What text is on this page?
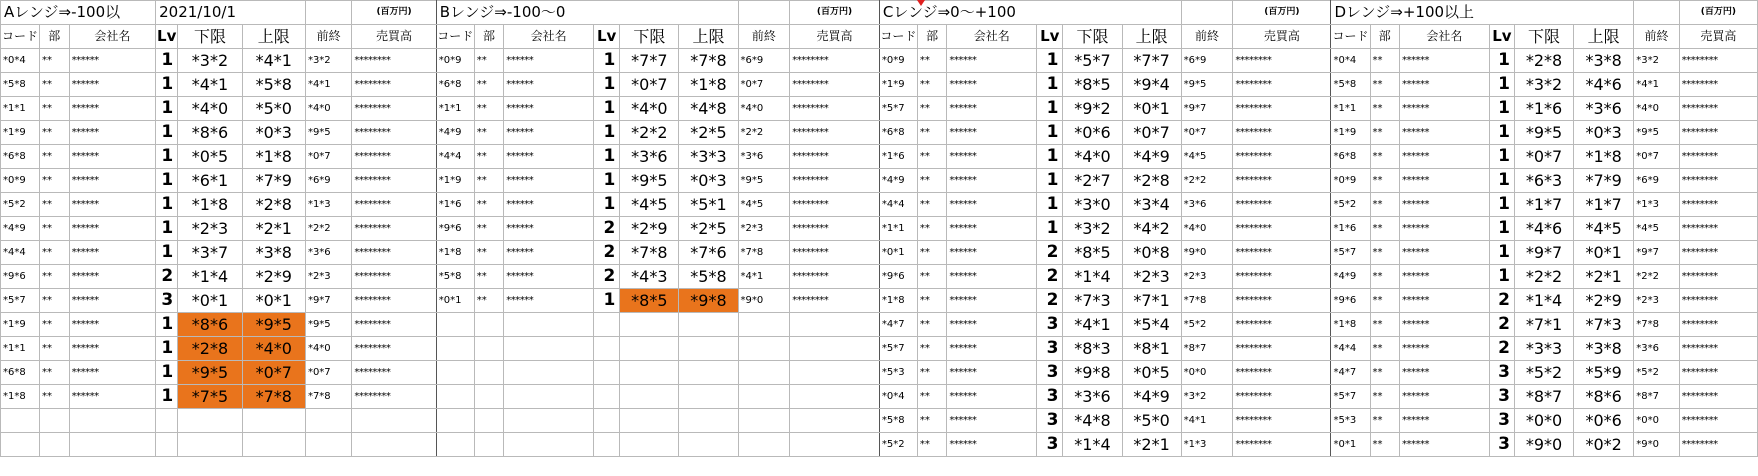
Aレンジ⇒-100以			2021/10/1				(百万円)	Bレンジ⇒-100～0							(百万円)	Cレンジ⇒0～+100							(百万円)	Dレンジ⇒+100以上							(百万円)
コード	部	会社名	Lv	下限	上限	前終	売買高	コード	部	会社名	Lv	下限	上限	前終	売買高	コード	部	会社名	Lv	下限	上限	前終	売買高	コード	部	会社名	Lv	下限	上限	前終	売買高
*0*4	**	******	1	*3*2	*4*1	*3*2	********	*0*9	**	******	1	*7*7	*7*8	*6*9	********	*0*9	**	******	1	*5*7	*7*7	*6*9	********	*0*4	**	******	1	*2*8	*3*8	*3*2	********
*5*8	**	******	1	*4*1	*5*8	*4*1	********	*6*8	**	******	1	*0*7	*1*8	*0*7	********	*1*9	**	******	1	*8*5	*9*4	*9*5	********	*5*8	**	******	1	*3*2	*4*6	*4*1	********
*1*1	**	******	1	*4*0	*5*0	*4*0	********	*1*1	**	******	1	*4*0	*4*8	*4*0	********	*5*7	**	******	1	*9*2	*0*1	*9*7	********	*1*1	**	******	1	*1*6	*3*6	*4*0	********
*1*9	**	******	1	*8*6	*0*3	*9*5	********	*4*9	**	******	1	*2*2	*2*5	*2*2	********	*6*8	**	******	1	*0*6	*0*7	*0*7	********	*1*9	**	******	1	*9*5	*0*3	*9*5	********
*6*8	**	******	1	*0*5	*1*8	*0*7	********	*4*4	**	******	1	*3*6	*3*3	*3*6	********	*1*6	**	******	1	*4*0	*4*9	*4*5	********	*6*8	**	******	1	*0*7	*1*8	*0*7	********
*0*9	**	******	1	*6*1	*7*9	*6*9	********	*1*9	**	******	1	*9*5	*0*3	*9*5	********	*4*9	**	******	1	*2*7	*2*8	*2*2	********	*0*9	**	******	1	*6*3	*7*9	*6*9	********
*5*2	**	******	1	*1*8	*2*8	*1*3	********	*1*6	**	******	1	*4*5	*5*1	*4*5	********	*4*4	**	******	1	*3*0	*3*4	*3*6	********	*5*2	**	******	1	*1*7	*1*7	*1*3	********
*4*9	**	******	1	*2*3	*2*1	*2*2	********	*9*6	**	******	2	*2*9	*2*5	*2*3	********	*1*1	**	******	1	*3*2	*4*2	*4*0	********	*1*6	**	******	1	*4*6	*4*5	*4*5	********
*4*4	**	******	1	*3*7	*3*8	*3*6	********	*1*8	**	******	2	*7*8	*7*6	*7*8	********	*0*1	**	******	2	*8*5	*0*8	*9*0	********	*5*7	**	******	1	*9*7	*0*1	*9*7	********
*9*6	**	******	2	*1*4	*2*9	*2*3	********	*5*8	**	******	2	*4*3	*5*8	*4*1	********	*9*6	**	******	2	*1*4	*2*3	*2*3	********	*4*9	**	******	1	*2*2	*2*1	*2*2	********
*5*7	**	******	3	*0*1	*0*1	*9*7	********	*0*1	**	******	1	*8*5	*9*8	*9*0	********	*1*8	**	******	2	*7*3	*7*1	*7*8	********	*9*6	**	******	2	*1*4	*2*9	*2*3	********
*1*9	**	******	1	*8*6	*9*5	*9*5	********									*4*7	**	******	3	*4*1	*5*4	*5*2	********	*1*8	**	******	2	*7*1	*7*3	*7*8	********
*1*1	**	******	1	*2*8	*4*0	*4*0	********									*5*7	**	******	3	*8*3	*8*1	*8*7	********	*4*4	**	******	2	*3*3	*3*8	*3*6	********
*6*8	**	******	1	*9*5	*0*7	*0*7	********									*5*3	**	******	3	*9*8	*0*5	*0*0	********	*4*7	**	******	3	*5*2	*5*9	*5*2	********
*1*8	**	******	1	*7*5	*7*8	*7*8	********									*0*4	**	******	3	*3*6	*4*9	*3*2	********	*5*7	**	******	3	*8*7	*8*6	*8*7	********
																*5*8	**	******	3	*4*8	*5*0	*4*1	********	*5*3	**	******	3	*0*0	*0*6	*0*0	********
																*5*2	**	******	3	*1*4	*2*1	*1*3	********	*0*1	**	******	3	*9*0	*0*2	*9*0	********
